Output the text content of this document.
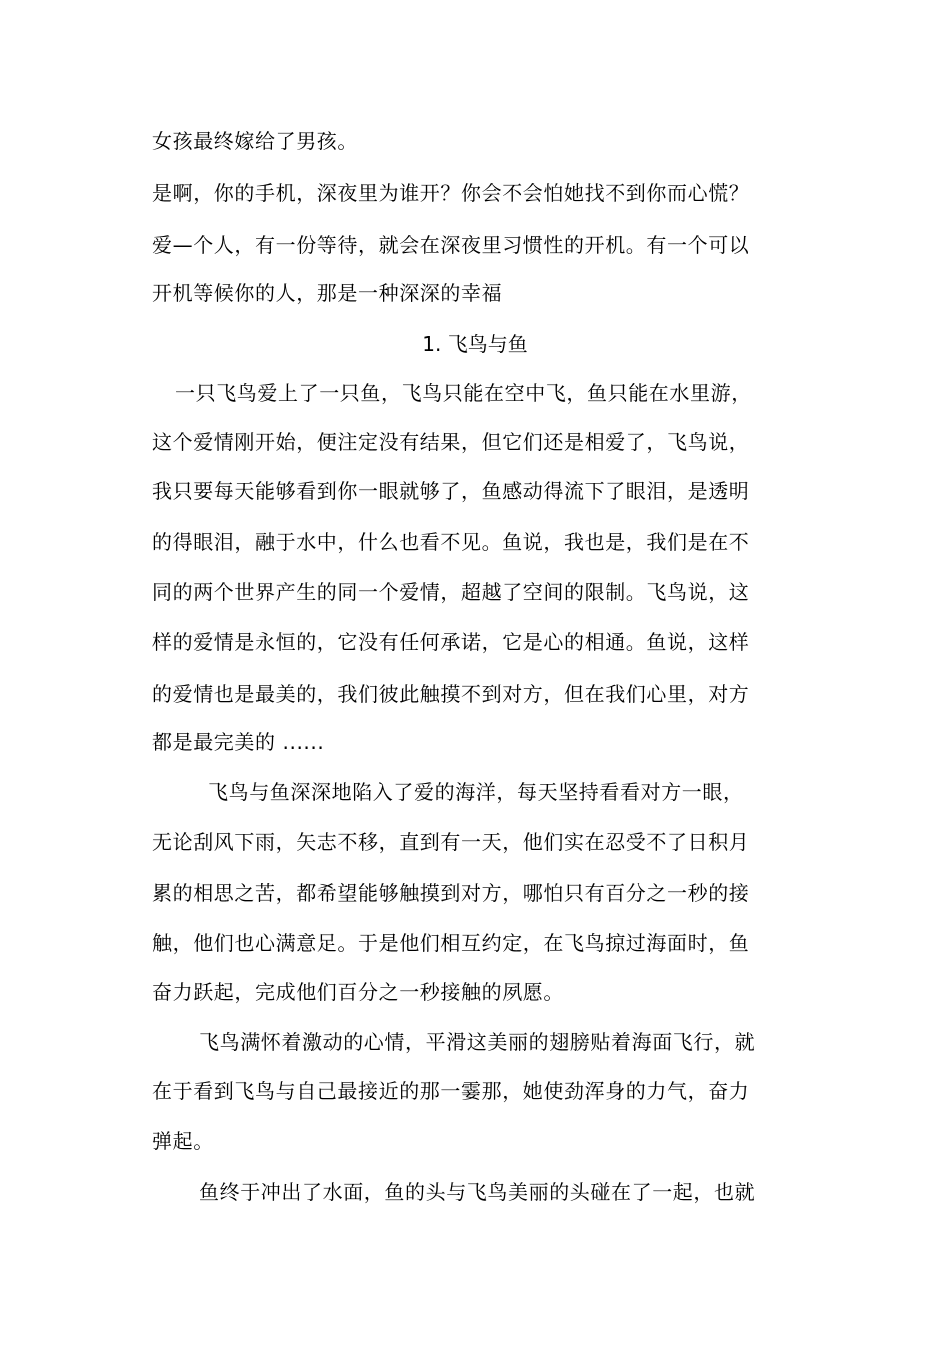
女孩最终嫁给了男孩。
是啊，你的手机，深夜里为谁开？你会不会怕她找不到你而心慌？
爱—个人，有一份等待，就会在深夜里习惯性的开机。有一个可以
开机等候你的人，那是一种深深的幸福
1. 飞鸟与鱼
一只飞鸟爱上了一只鱼，飞鸟只能在空中飞，鱼只能在水里游，
这个爱情刚开始，便注定没有结果，但它们还是相爱了，飞鸟说，
我只要每天能够看到你一眼就够了，鱼感动得流下了眼泪，是透明
的得眼泪，融于水中，什么也看不见。鱼说，我也是，我们是在不
同的两个世界产生的同一个爱情，超越了空间的限制。飞鸟说，这
样的爱情是永恒的，它没有任何承诺，它是心的相通。鱼说，这样
的爱情也是最美的，我们彼此触摸不到对方，但在我们心里，对方
都是最完美的 ......
飞鸟与鱼深深地陷入了爱的海洋，每天坚持看看对方一眼，
无论刮风下雨，矢志不移，直到有一天，他们实在忍受不了日积月
累的相思之苦，都希望能够触摸到对方，哪怕只有百分之一秒的接
触，他们也心满意足。于是他们相互约定，在飞鸟掠过海面时，鱼
奋力跃起，完成他们百分之一秒接触的夙愿。
飞鸟满怀着激动的心情，平滑这美丽的翅膀贴着海面飞行，就
在于看到飞鸟与自己最接近的那一霎那，她使劲浑身的力气，奋力
弹起。
鱼终于冲出了水面，鱼的头与飞鸟美丽的头碰在了一起，也就
